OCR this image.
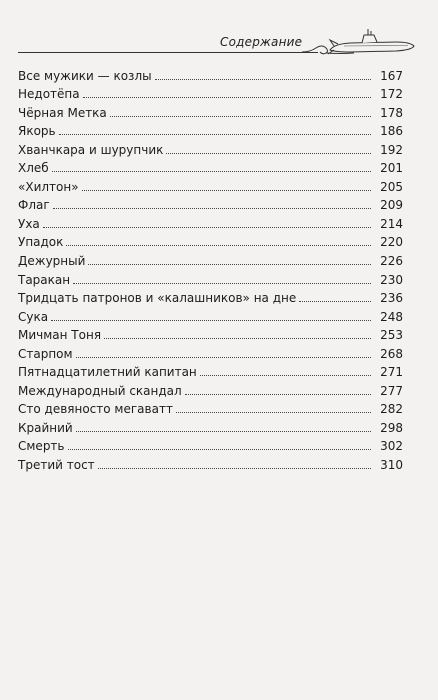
Содержание
Все мужики — козлы	167
Недотёпа	172
Чёрная Метка	178
Якорь	186
Хванчкара и шурупчик	192
Хлеб	201
«Хилтон»	205
Флаг	209
Уха	214
Упадок	220
Дежурный	226
Таракан	230
Тридцать патронов и «калашников» на дне	236
Сука	248
Мичман Тоня	253
Старпом	268
Пятнадцатилетний капитан	271
Международный скандал	277
Сто девяносто мегаватт	282
Крайний	298
Смерть	302
Третий тост	310
